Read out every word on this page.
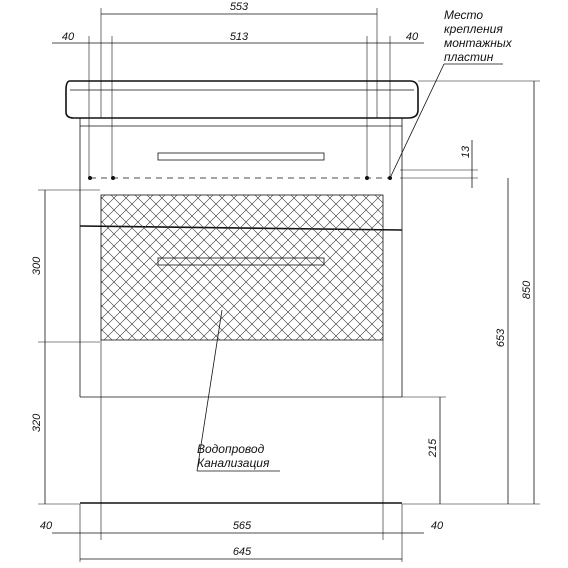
553
40	513	40
300
320
13
850
653
215
40	565	40
645
Место
крепления
монтажных
пластин
Водопровод
Канализация
